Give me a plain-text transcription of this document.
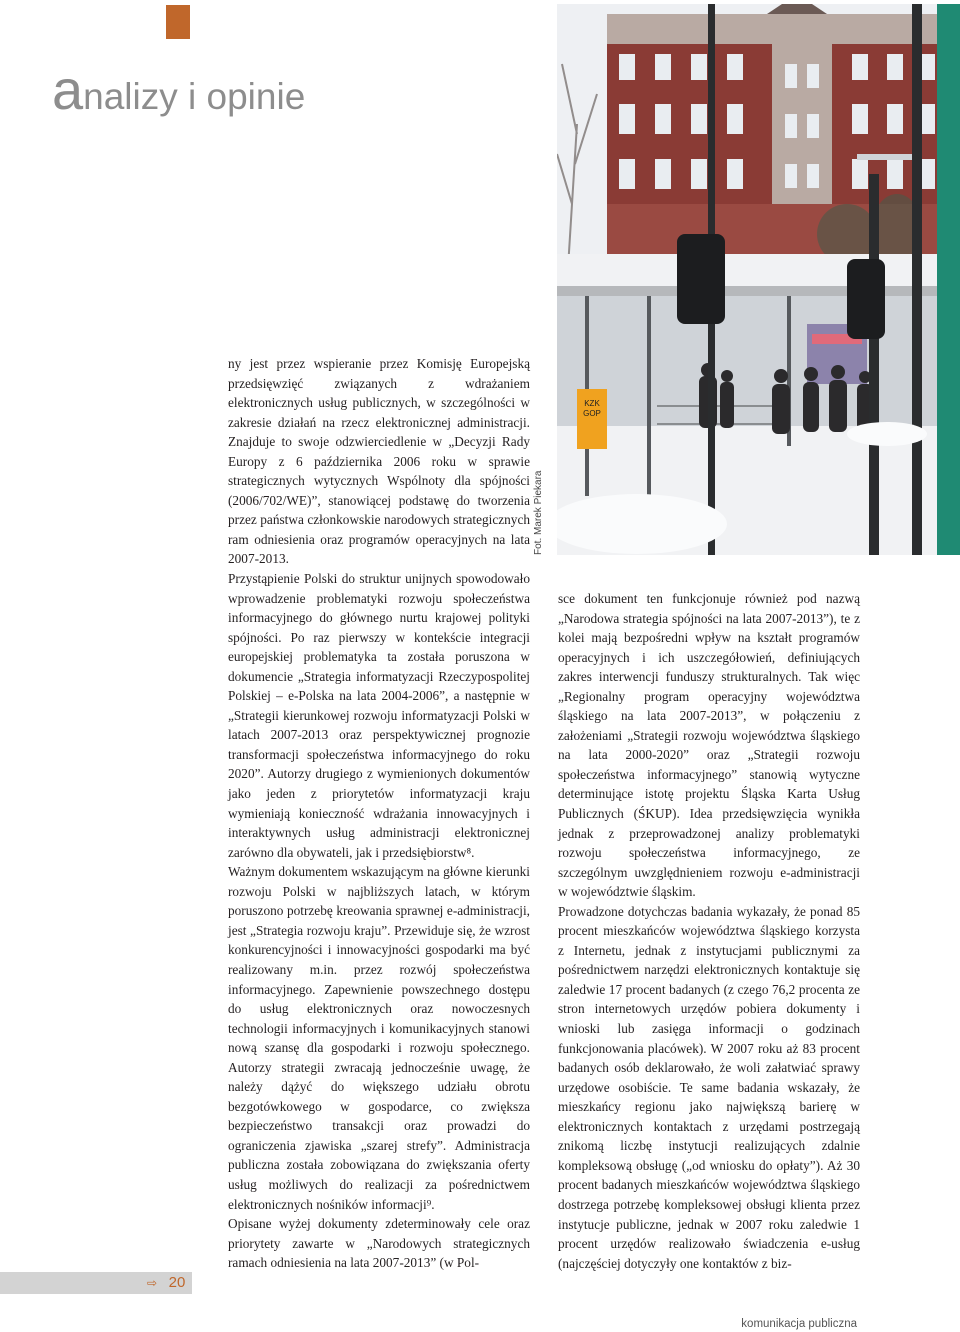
analizy i opinie
KZK
GOP
Fot. Marek Piekara

ny jest przez wspieranie przez Komisję Europejską przedsięwzięć związanych z wdrażaniem elektronicznych usług publicznych, w szczególności w zakresie działań na rzecz elektronicznej administracji. Znajduje to swoje odzwierciedlenie w „Decyzji Rady Europy z 6 października 2006 roku w sprawie strategicznych wytycznych Wspólnoty dla spójności (2006/702/WE)”, stanowiącej podstawę do tworzenia przez państwa członkowskie narodowych strategicznych ram odniesienia oraz programów operacyjnych na lata 2007-2013.

Przystąpienie Polski do struktur unijnych spowodowało wprowadzenie problematyki rozwoju społeczeństwa informacyjnego do głównego nurtu krajowej polityki spójności. Po raz pierwszy w kontekście integracji europejskiej problematyka ta została poruszona w dokumencie „Strategia informatyzacji Rzeczypospolitej Polskiej – e-Polska na lata 2004-2006”, a następnie w „Strategii kierunkowej rozwoju informatyzacji Polski w latach 2007-2013 oraz perspektywicznej prognozie transformacji społeczeństwa informacyjnego do roku 2020”. Autorzy drugiego z wymienionych dokumentów jako jeden z priorytetów informatyzacji kraju wymieniają konieczność wdrażania innowacyjnych i interaktywnych usług administracji elektronicznej zarówno dla obywateli, jak i przedsiębiorstw⁸.

Ważnym dokumentem wskazującym na główne kierunki rozwoju Polski w najbliższych latach, w którym poruszono potrzebę kreowania sprawnej e-administracji, jest „Strategia rozwoju kraju”. Przewiduje się, że wzrost konkurencyjności i innowacyjności gospodarki ma być realizowany m.in. przez rozwój społeczeństwa informacyjnego. Zapewnienie powszechnego dostępu do usług elektronicznych oraz nowoczesnych technologii informacyjnych i komunikacyjnych stanowi nową szansę dla gospodarki i rozwoju społecznego. Autorzy strategii zwracają jednocześnie uwagę, że należy dążyć do większego udziału obrotu bezgotówkowego w gospodarce, co zwiększa bezpieczeństwo transakcji oraz prowadzi do ograniczenia zjawiska „szarej strefy”. Administracja publiczna została zobowiązana do zwiększania oferty usług możliwych do realizacji za pośrednictwem elektronicznych nośników informacji⁹.

Opisane wyżej dokumenty zdeterminowały cele oraz priorytety zawarte w „Narodowych strategicznych ramach odniesienia na lata 2007-2013” (w Pol-

sce dokument ten funkcjonuje również pod nazwą „Narodowa strategia spójności na lata 2007-2013”), te z kolei mają bezpośredni wpływ na kształt programów operacyjnych i ich uszczegółowień, definiujących zakres interwencji funduszy strukturalnych. Tak więc „Regionalny program operacyjny województwa śląskiego na lata 2007-2013”, w połączeniu z założeniami „Strategii rozwoju województwa śląskiego na lata 2000-2020” oraz „Strategii rozwoju społeczeństwa informacyjnego” stanowią wytyczne determinujące istotę projektu Śląska Karta Usług Publicznych (ŚKUP). Idea przedsięwzięcia wynikła jednak z przeprowadzonej analizy problematyki rozwoju społeczeństwa informacyjnego, ze szczególnym uwzględnieniem rozwoju e-administracji w województwie śląskim.

Prowadzone dotychczas badania wykazały, że ponad 85 procent mieszkańców województwa śląskiego korzysta z Internetu, jednak z instytucjami publicznymi za pośrednictwem narzędzi elektronicznych kontaktuje się zaledwie 17 procent badanych (z czego 76,2 procenta ze stron internetowych urzędów pobiera dokumenty i wnioski lub zasięga informacji o godzinach funkcjonowania placówek). W 2007 roku aż 83 procent badanych osób deklarowało, że woli załatwiać sprawy urzędowe osobiście. Te same badania wskazały, że mieszkańcy regionu jako największą barierę w elektronicznych kontaktach z urzędami postrzegają znikomą liczbę instytucji realizujących zdalnie kompleksową obsługę („od wniosku do opłaty”). Aż 30 procent badanych mieszkańców województwa śląskiego dostrzega potrzebę kompleksowej obsługi klienta przez instytucje publiczne, jednak w 2007 roku zaledwie 1 procent urzędów realizowało świadczenia e-usług (najczęściej dotyczyły one kontaktów z biz-

⇨ 20
komunikacja publiczna
